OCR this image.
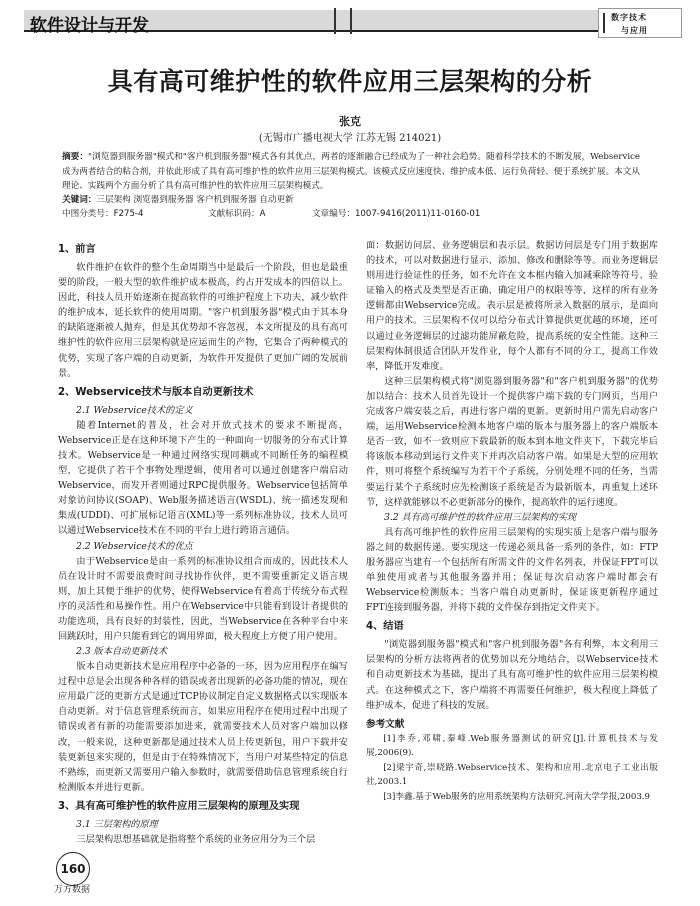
软件设计与开发	数字技术
与应用
具有高可维护性的软件应用三层架构的分析
张克
(无锡市广播电视大学 江苏无锡 214021)
摘要："浏览器到服务器"模式和"客户机到服务器"模式各有其优点，两者的逐渐融合已经成为了一种社会趋势。随着科学技术的不断发展，Webservice成为两者结合的粘合剂，并依此形成了具有高可维护性的软件应用三层架构模式。该模式反应速度快、维护成本低、运行负荷轻、便于系统扩展。本文从理论、实践两个方面分析了具有高可维护性的软件应用三层架构模式。
关键词：三层架构 浏览器到服务器 客户机到服务器 自动更新
中图分类号：F275-4	文献标识码：A	文章编号：1007-9416(2011)11-0160-01
1、前言

软件维护在软件的整个生命周期当中是最后一个阶段，但也是最重要的阶段，一般大型的软件维护成本极高，约占开发成本的四倍以上。因此，科技人员开始逐渐在提高软件的可维护程度上下功夫，减少软件的维护成本，延长软件的使用周期。"客户机到服务器"模式由于其本身的缺陷逐渐被人抛弃，但是其优势却不容忽视，本文所提及的具有高可维护性的软件应用三层架构就是应运而生的产物，它集合了两种模式的优势，实现了客户端的自动更新，为软件开发提供了更加广阔的发展前景。

2、Webservice技术与版本自动更新技术
2.1 Webservice技术的定义

随着Internet的普及，社会对开放式技术的要求不断提高，Webservice正是在这种环境下产生的一种面向一切服务的分布式计算技术。Webservice是一种通过网络实现同耦或不同断任务的编程模型，它提供了若干个事物处理逻辑，使用者可以通过创建客户端启动Webservice，而发开者则通过RPC提供服务。Webservice包括简单对象访问协议(SOAP)、Web服务描述语言(WSDL)、统一描述发现和集成(UDDI)、可扩展标记语言(XML)等一系列标准协议，技术人员可以通过Webservice技术在不同的平台上进行跨语言通信。

2.2 Webservice技术的优点

由于Webservice是由一系列的标准协议组合而成的，因此技术人员在设计时不需要浪费时间寻找协作伙伴，更不需要重新定义语言规则，加上其便于维护的优势，使得Webservice有着高于传统分布式程序的灵活性和易操作性。用户在Webservice中只能看到设计者提供的功能选项，具有良好的封装性，因此，当Webservice在各种平台中来回跳跃时，用户只能看到它的调用界面，极大程度上方便了用户使用。

2.3 版本自动更新技术

版本自动更新技术是应用程序中必备的一环，因为应用程序在编写过程中总是会出现各种各样的错误或者出现新的必备功能的情况，现在应用最广泛的更新方式是通过TCP协议制定自定义数据格式以实现版本自动更新。对于信息管理系统而言，如果应用程序在使用过程中出现了错误或者有新的功能需要添加进来，就需要技术人员对客户端加以修改，一般来说，这种更新都是通过技术人员上传更新包，用户下载并安装更新包来实现的，但是由于在特殊情况下，当用户对某些特定的信息不熟练，而更新又需要用户输入参数时，就需要借助信息管理系统自行检测版本并进行更新。

3、具有高可维护性的软件应用三层架构的原理及实现
3.1 三层架构的原理

三层架构思想基础就是指将整个系统的业务应用分为三个层

面：数据访问层、业务逻辑层和表示层。数据访问层是专门用于数据库的技术，可以对数据进行显示、添加、修改和删除等等。而业务逻辑层则用进行验证性的任务，如不允许在文本框内输入加减乘除等符号、验证输入的格式及类型是否正确、确定用户的权限等等，这样的所有业务逻辑都由Webservice完成。表示层是被将所录入数据的展示，是面向用户的技术。三层架构不仅可以给分布式计算提供更优越的环境，还可以通过业务逻辑层的过滤功能屏蔽危险，提高系统的安全性能。这种三层架构体制很适合团队开发作业，每个人都有不同的分工，提高工作效率，降低开发难度。

这种三层架构模式将"浏览器到服务器"和"客户机到服务器"的优势加以结合：技术人员首先设计一个提供客户端下载的专门网页，当用户完成客户端安装之后，再进行客户端的更新。更新时用户需先启动客户端，运用Webservice检测本地客户端的版本与服务器上的客户端版本是否一致，如不一致则应下载最新的版本到本地文件夹下，下载完毕后将该版本移动到运行文件夹下并再次启动客户端。如果是大型的应用软件，则可将整个系统编写为若干个子系统，分别处理不同的任务，当需要运行某个子系统时应先检测该子系统是否为最新版本，再重复上述环节，这样就能够以不必更新部分的操作，提高软件的运行速度。

3.2 具有高可维护性的软件应用三层架构的实现

具有高可维护性的软件应用三层架构的实现实质上是客户端与服务器之间的数据传递。要实现这一传递必须具备一系列的条件，如：FTP服务器应当建有一个包括所有所需文件的文件名列表，并保证FPT可以单独使用或者与其他服务器并用；保证每次启动客户端时都会有Webservice检测版本；当客户端自动更新时，保证该更新程序通过FPT连接到服务器，并将下载的文件保存到指定文件夹下。

4、结语

"浏览器到服务器"模式和"客户机到服务器"各有利弊，本文利用三层架构的分析方法将两者的优势加以充分地结合，以Webservice技术和自动更新技术为基础，提出了具有高可维护性的软件应用三层架构模式。在这种模式之下，客户端将不再需要任何维护，极大程度上降低了维护成本，促进了科技的发展。

参考文献

[1]李乔,邓啸,秦峰.Web服务器测试的研究[J].计算机技术与发展,2006(9).

[2]梁宇奇,崇晓路.Webservice技术、架构和应用.北京电子工业出版社,2003.1

[3]李鑫.基于Web服务的应用系统架构方法研究.河南大学学报,2003.9

160
万方数据
